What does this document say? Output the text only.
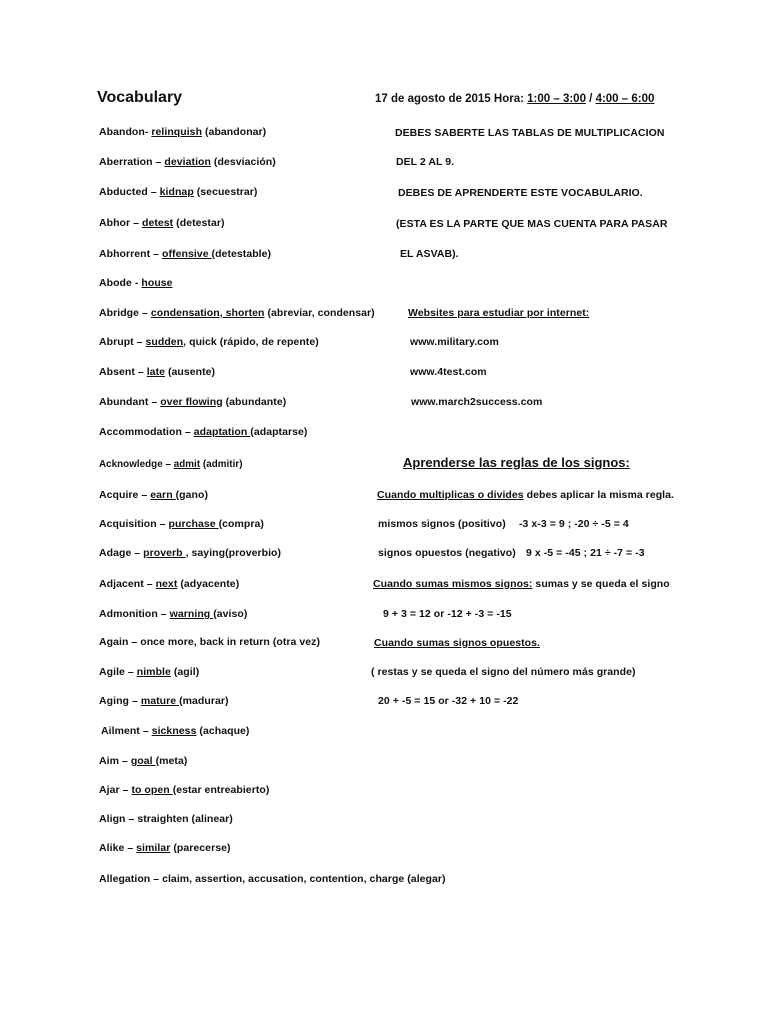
Vocabulary	17 de agosto de 2015 Hora: 1:00 – 3:00 / 4:00 – 6:00
Abandon- relinquish (abandonar)
Aberration – deviation (desviación)
Abducted – kidnap (secuestrar)
Abhor – detest (detestar)
Abhorrent – offensive (detestable)
Abode - house
Abridge – condensation, shorten (abreviar, condensar)
Abrupt – sudden, quick (rápido, de repente)
Absent – late (ausente)
Abundant – over flowing (abundante)
Accommodation – adaptation (adaptarse)
Acknowledge – admit (admitir)
Acquire – earn (gano)
Acquisition – purchase (compra)
Adage – proverb , saying(proverbio)
Adjacent – next (adyacente)
Admonition – warning (aviso)
Again – once more, back in return (otra vez)
Agile – nimble (agil)
Aging – mature (madurar)
Ailment – sickness (achaque)
Aim – goal (meta)
Ajar – to open (estar entreabierto)
Align – straighten (alinear)
Alike – similar (parecerse)
Allegation – claim, assertion, accusation, contention, charge (alegar)
DEBES SABERTE LAS TABLAS DE MULTIPLICACION
DEL 2 AL 9.
DEBES DE APRENDERTE ESTE VOCABULARIO.
(ESTA ES LA PARTE QUE MAS CUENTA PARA PASAR
EL ASVAB).
Websites para estudiar por internet:
www.military.com
www.4test.com
www.march2success.com
Aprenderse las reglas de los signos:
Cuando multiplicas o divides debes aplicar la misma regla.
mismos signos (positivo) -3 x-3 = 9 ; -20 ÷ -5 = 4
signos opuestos (negativo) 9 x -5 = -45 ; 21 ÷ -7 = -3
Cuando sumas mismos signos: sumas y se queda el signo
9 + 3 = 12 or -12 + -3 = -15
Cuando sumas signos opuestos.
( restas y se queda el signo del número más grande)
20 + -5 = 15 or -32 + 10 = -22
